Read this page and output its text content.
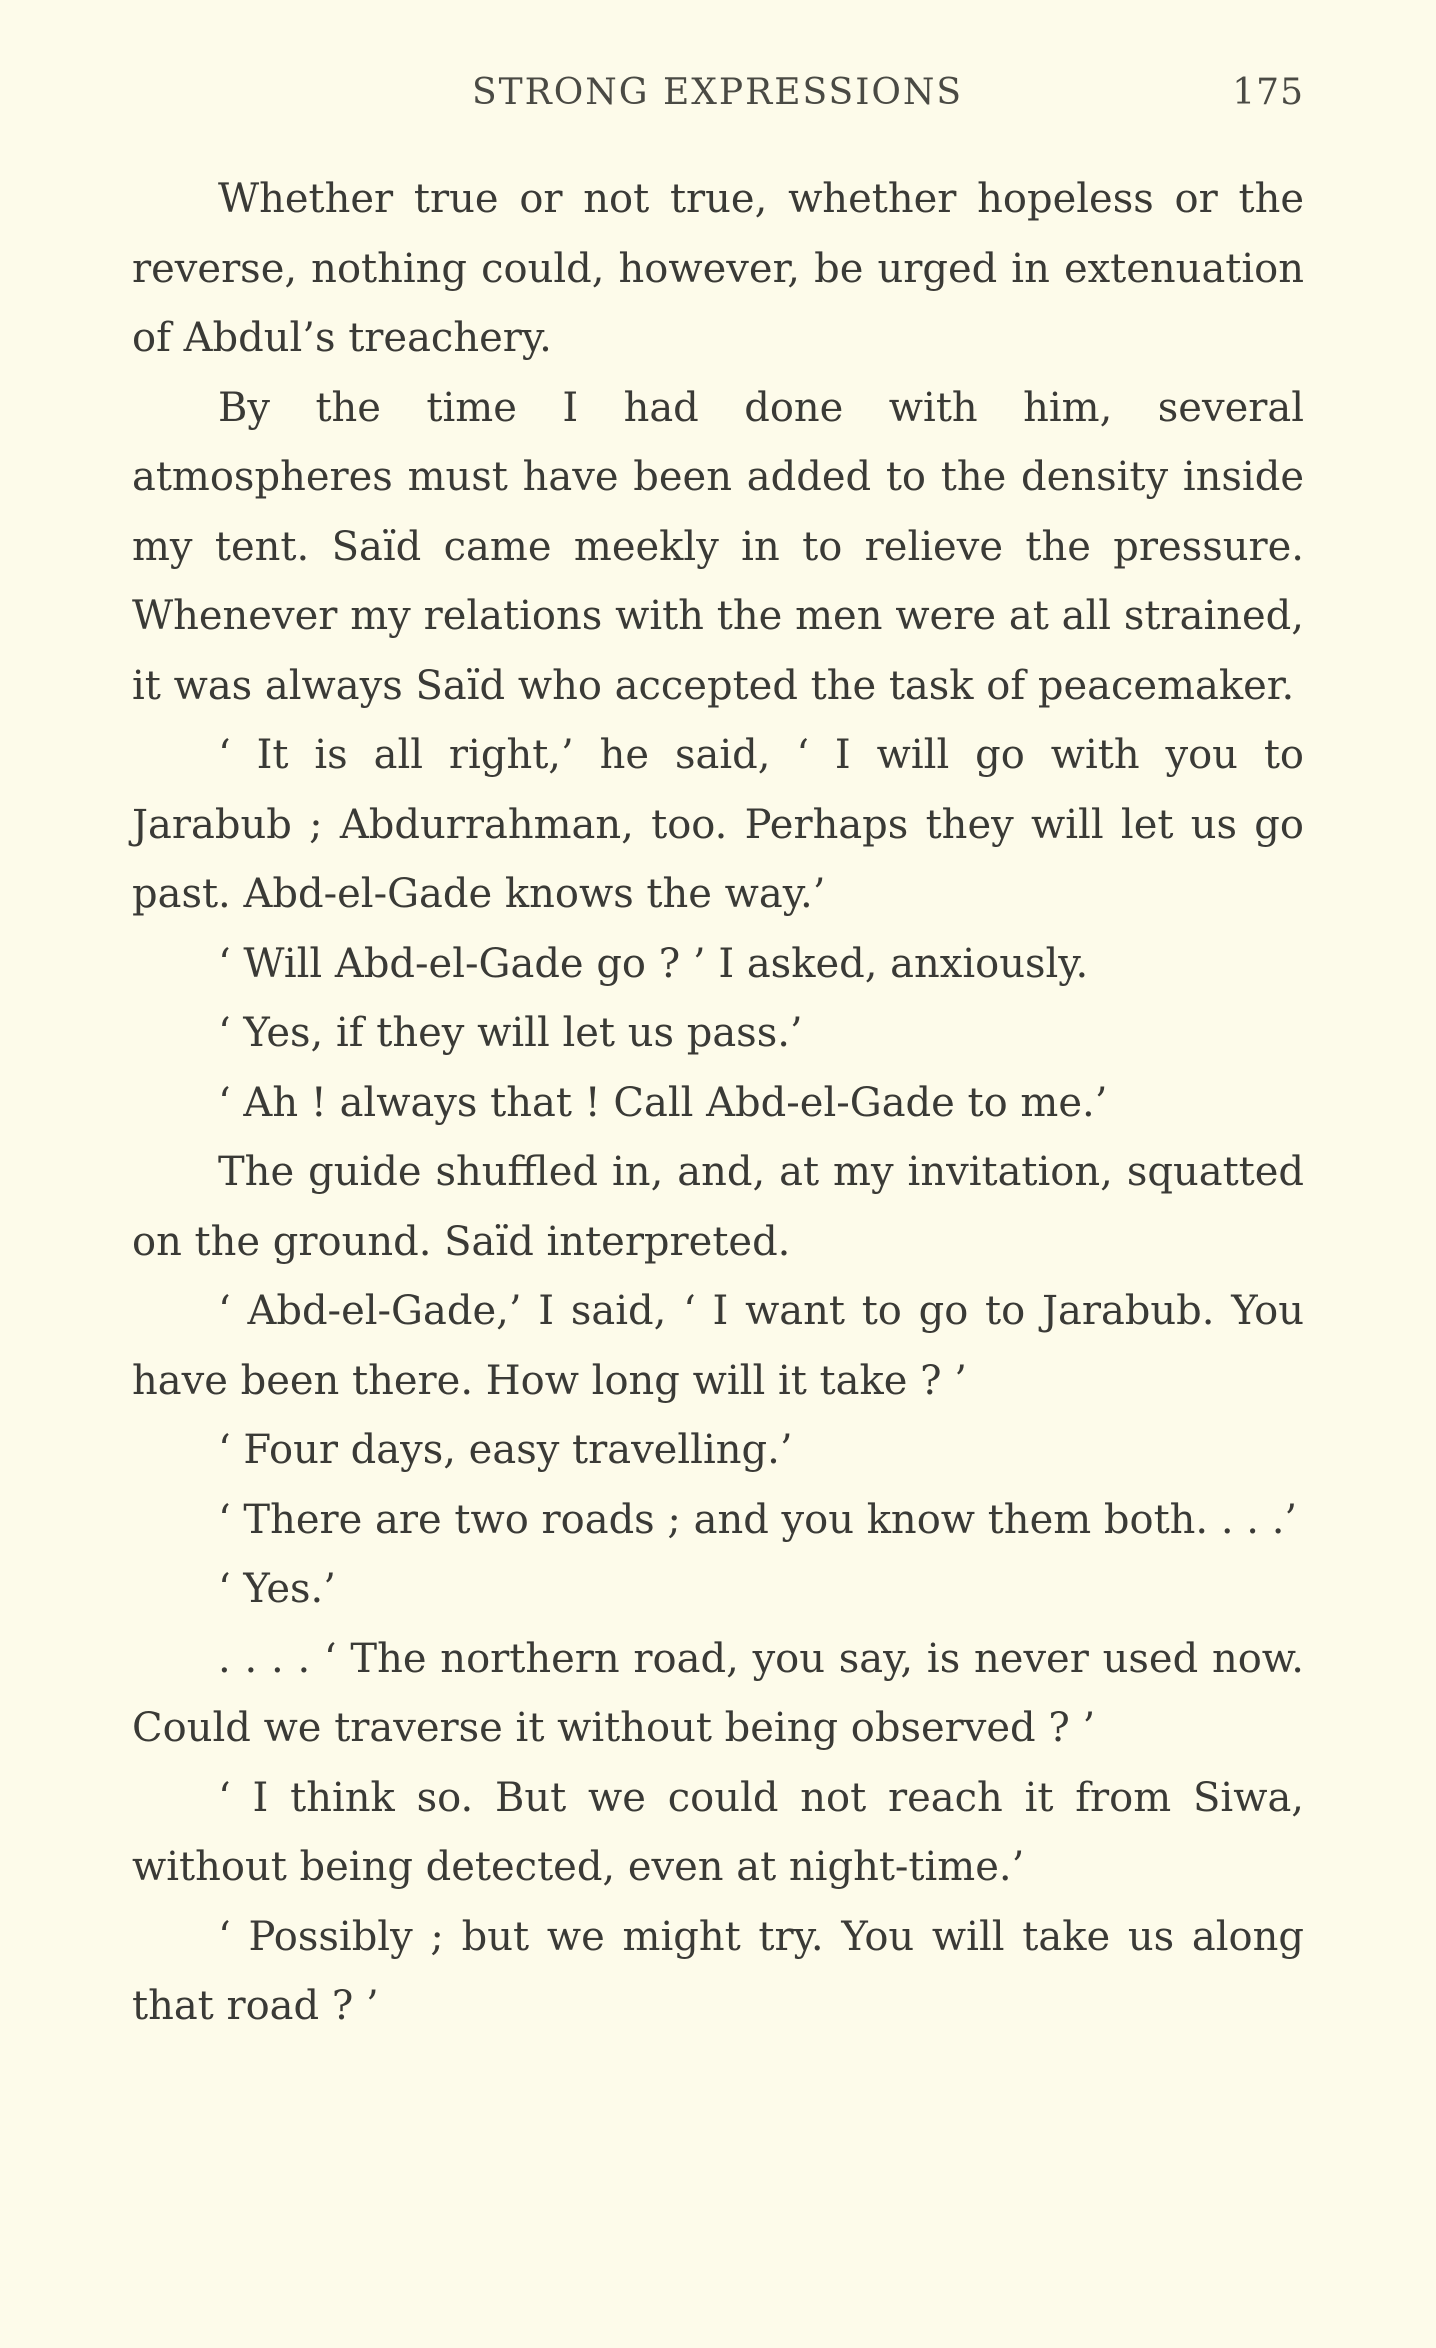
STRONG EXPRESSIONS	175

Whether true or not true, whether hopeless or the reverse, nothing could, however, be urged in extenuation of Abdul’s treachery.

By the time I had done with him, several atmospheres must have been added to the density inside my tent. Saïd came meekly in to relieve the pressure. Whenever my relations with the men were at all strained, it was always Saïd who accepted the task of peacemaker.

‘ It is all right,’ he said, ‘ I will go with you to Jarabub ; Abdurrahman, too. Perhaps they will let us go past. Abd-el-Gade knows the way.’

‘ Will Abd-el-Gade go ? ’ I asked, anxiously.

‘ Yes, if they will let us pass.’

‘ Ah ! always that ! Call Abd-el-Gade to me.’

The guide shuffled in, and, at my invitation, squatted on the ground. Saïd interpreted.

‘ Abd-el-Gade,’ I said, ‘ I want to go to Jarabub. You have been there. How long will it take ? ’

‘ Four days, easy travelling.’

‘ There are two roads ; and you know them both. . . .’

‘ Yes.’

. . . . ‘ The northern road, you say, is never used now. Could we traverse it without being observed ? ’

‘ I think so. But we could not reach it from Siwa, without being detected, even at night-time.’

‘ Possibly ; but we might try. You will take us along that road ? ’
